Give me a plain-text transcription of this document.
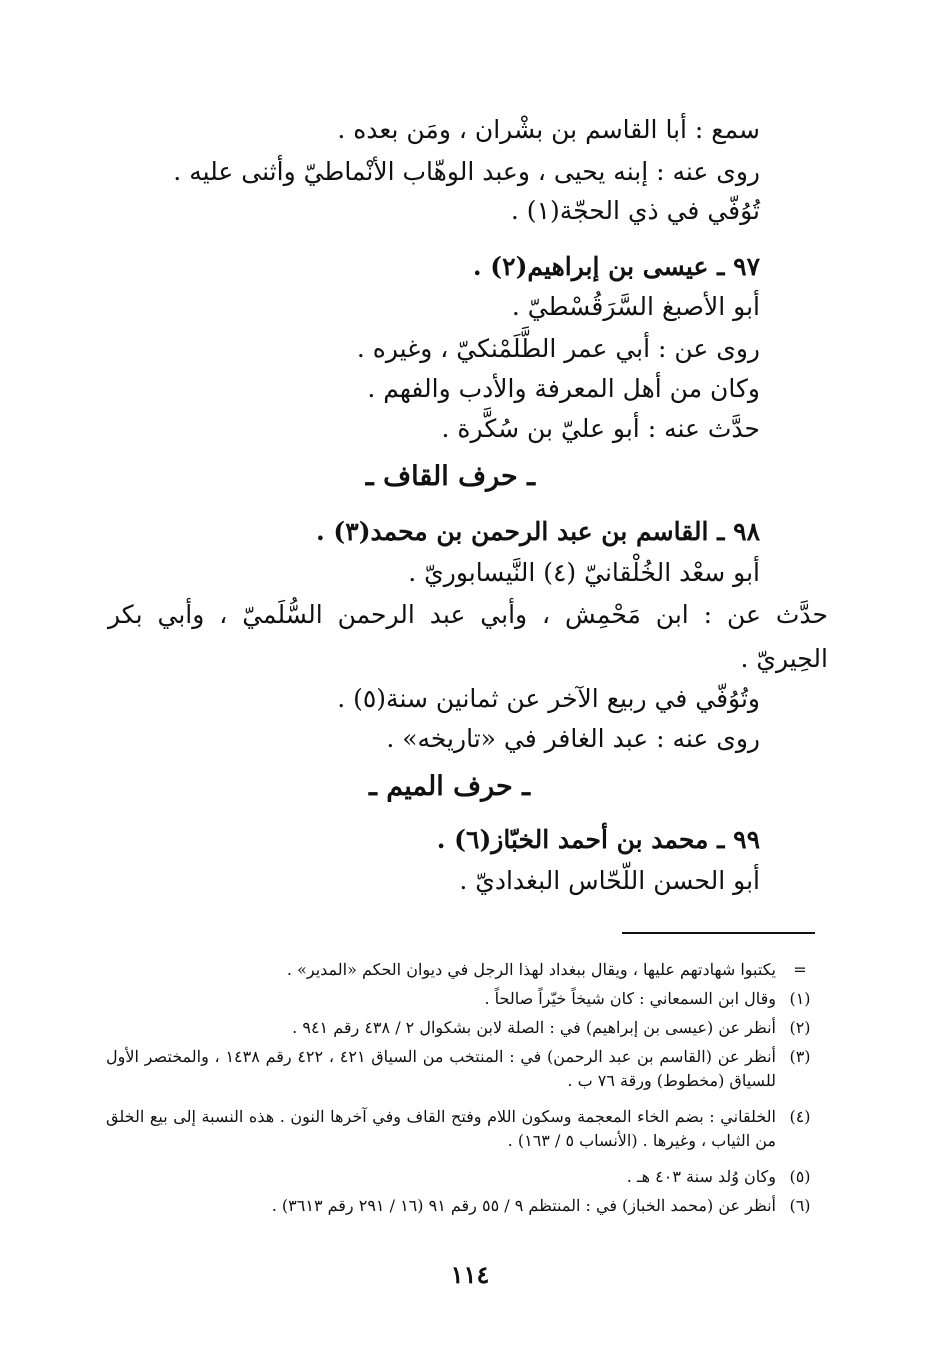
سمع : أبا القاسم بن بشْران ، ومَن بعده .
روى عنه : إبنه يحيى ، وعبد الوهّاب الأنْماطيّ وأثنى عليه .
تُوُفّي في ذي الحجّة(١) .
٩٧ ـ عيسى بن إبراهيم(٢) .
أبو الأصبغ السَّرَقُسْطيّ .
روى عن : أبي عمر الطَّلَمْنكيّ ، وغيره .
وكان من أهل المعرفة والأدب والفهم .
حدَّث عنه : أبو عليّ بن سُكَّرة .
ـ حرف القاف ـ
٩٨ ـ القاسم بن عبد الرحمن بن محمد(٣) .
أبو سعْد الخُلْقانيّ (٤) النَّيسابوريّ .
حدَّث عن : ابن مَحْمِش ، وأبي عبد الرحمن السُّلَميّ ، وأبي بكر
الحِيريّ .
وتُوُفّي في ربيع الآخر عن ثمانين سنة(٥) .
روى عنه : عبد الغافر في «تاريخه» .
ـ حرف الميم ـ
٩٩ ـ محمد بن أحمد الخبّاز(٦) .
أبو الحسن اللّحّاس البغداديّ .
=
يكتبوا شهادتهم عليها ، ويقال ببغداد لهذا الرجل في ديوان الحكم «المدير» .
(١)
وقال ابن السمعاني : كان شيخاً خيّراً صالحاً .
(٢)
أنظر عن (عيسى بن إبراهيم) في : الصلة لابن بشكوال ٢ / ٤٣٨ رقم ٩٤١ .
(٣)
أنظر عن (القاسم بن عبد الرحمن) في : المنتخب من السياق ٤٢١ ، ٤٢٢ رقم ١٤٣٨ ، والمختصر الأول للسياق (مخطوط) ورقة ٧٦ ب .
(٤)
الخلقاني : بضم الخاء المعجمة وسكون اللام وفتح القاف وفي آخرها النون . هذه النسبة إلى بيع الخلق من الثياب ، وغيرها . (الأنساب ٥ / ١٦٣) .
(٥)
وكان وُلد سنة ٤٠٣ هـ .
(٦)
أنظر عن (محمد الخباز) في : المنتظم ٩ / ٥٥ رقم ٩١ (١٦ / ٢٩١ رقم ٣٦١٣) .
١١٤
